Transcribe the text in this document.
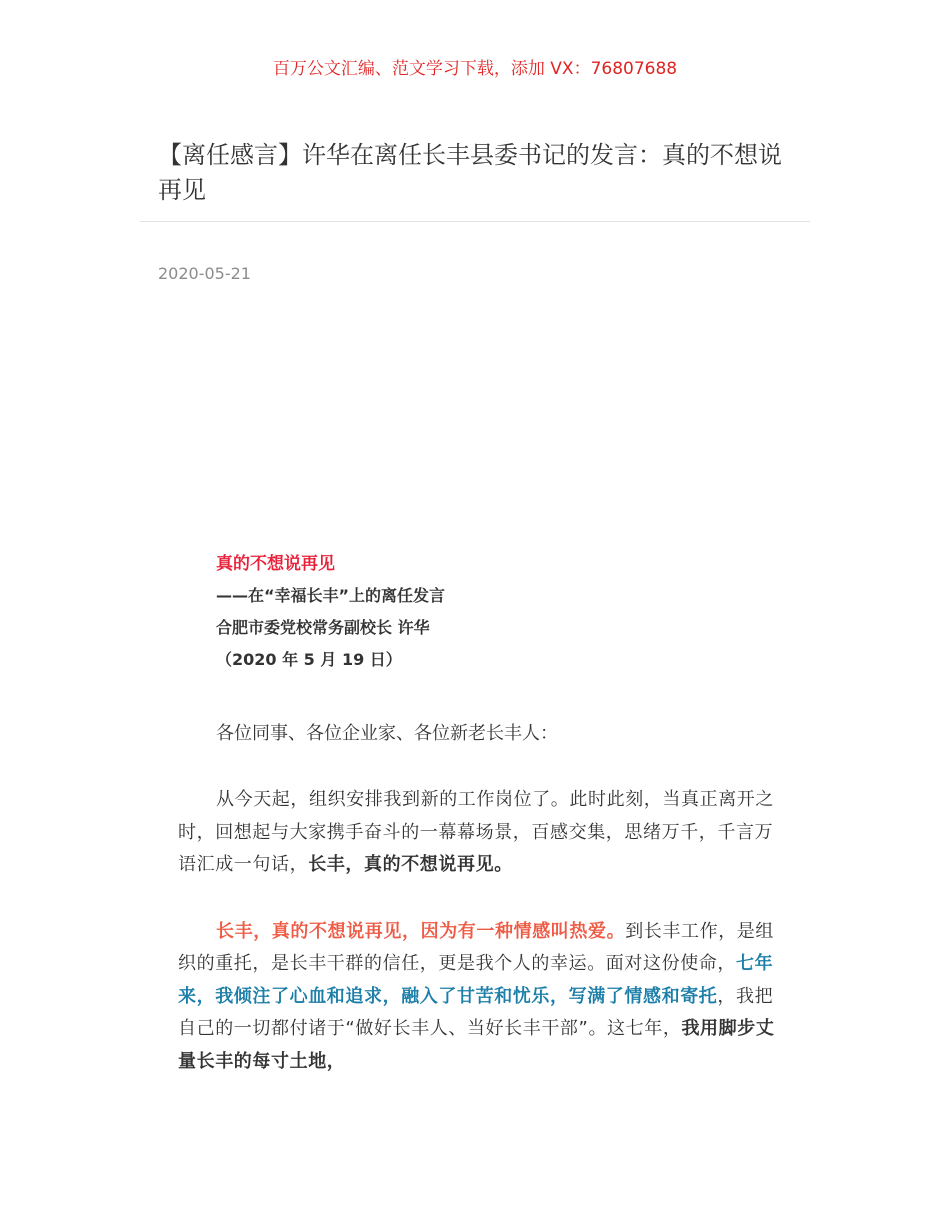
百万公文汇编、范文学习下载，添加 VX：76807688
【离任感言】许华在离任长丰县委书记的发言：真的不想说再见
2020-05-21
真的不想说再见
——在“幸福长丰”上的离任发言
合肥市委党校常务副校长 许华
（2020 年 5 月 19 日）
各位同事、各位企业家、各位新老长丰人：

从今天起，组织安排我到新的工作岗位了。此时此刻，当真正离开之时，回想起与大家携手奋斗的一幕幕场景，百感交集，思绪万千，千言万语汇成一句话，长丰，真的不想说再见。

长丰，真的不想说再见，因为有一种情感叫热爱。到长丰工作，是组织的重托，是长丰干群的信任，更是我个人的幸运。面对这份使命，七年来，我倾注了心血和追求，融入了甘苦和忧乐，写满了情感和寄托，我把自己的一切都付诸于“做好长丰人、当好长丰干部”。这七年，我用脚步丈量长丰的每寸土地，
